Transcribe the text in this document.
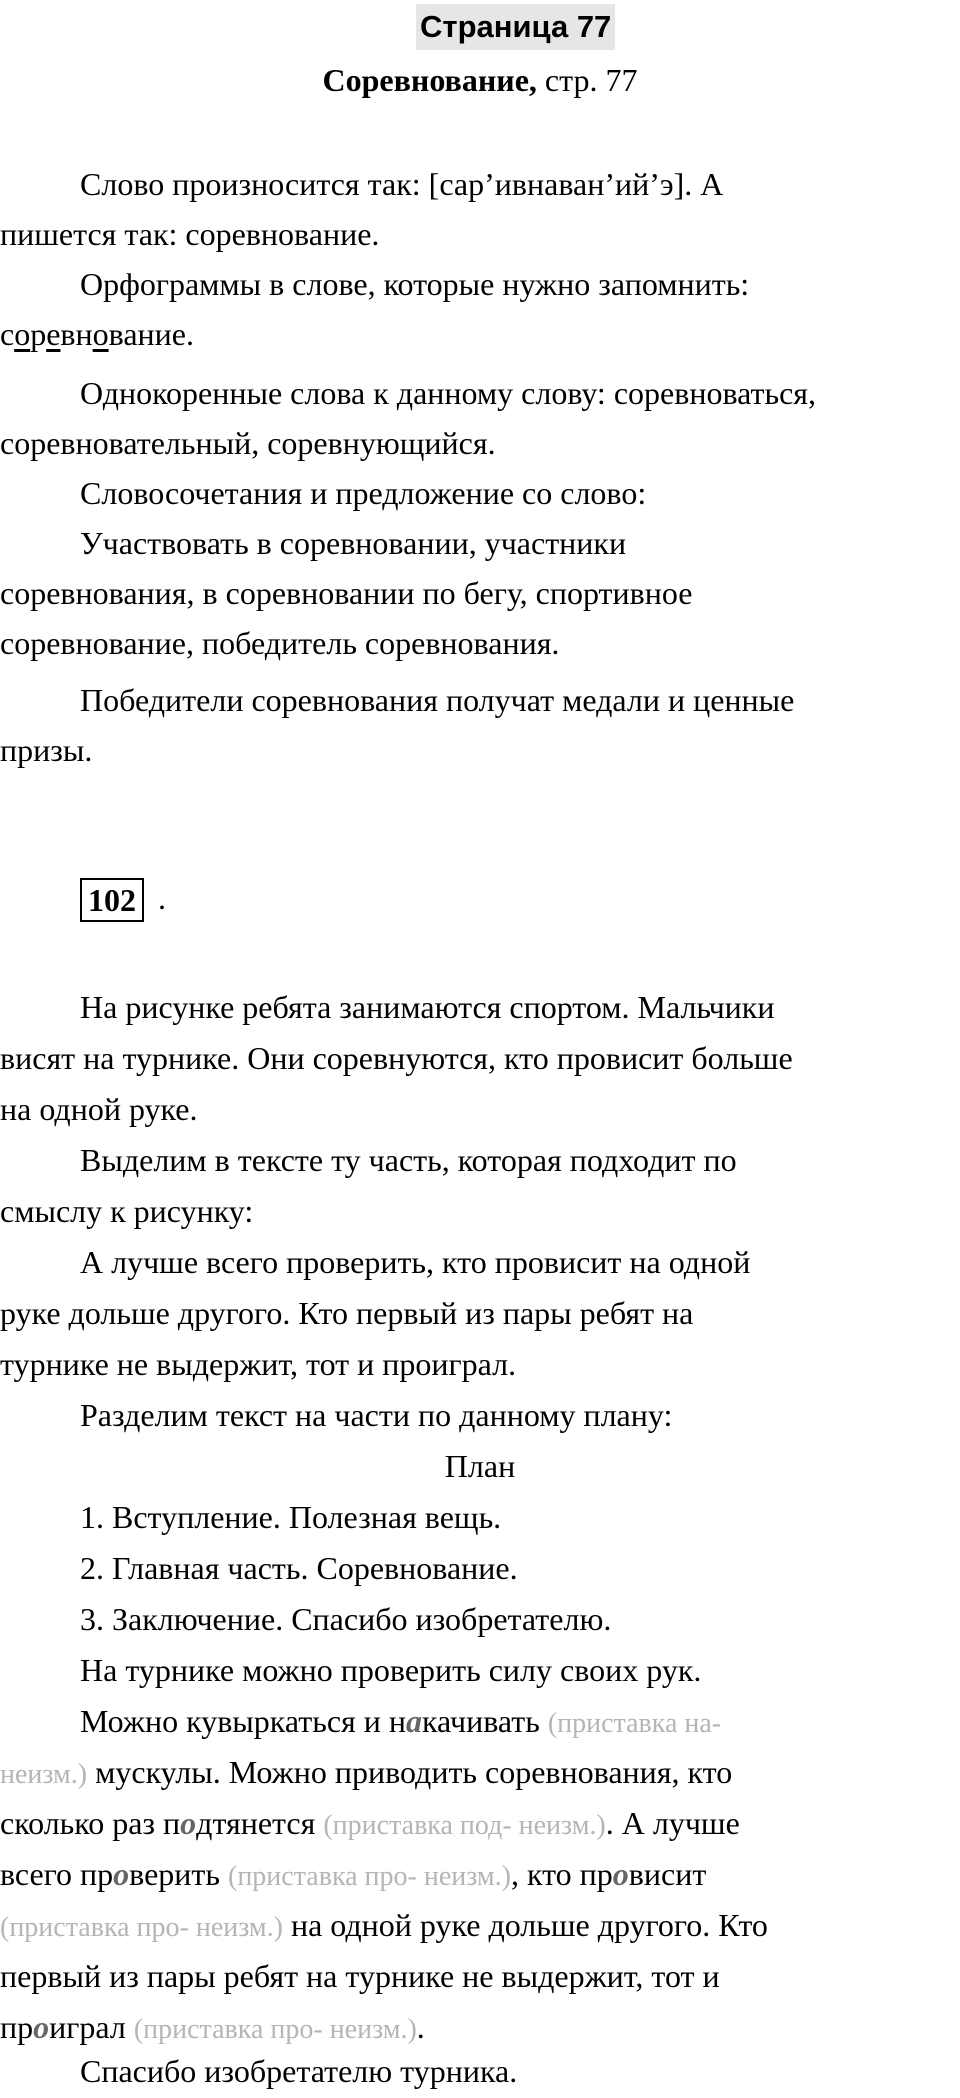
Страница 77
Соревнование, стр. 77
Слово произносится так: [сар’ивнаван’ий’э]. А
пишется так: соревнование.
Орфограммы в слове, которые нужно запомнить:
соревнование.
Однокоренные слова к данному слову: соревноваться,
соревновательный, соревнующийся.
Словосочетания и предложение со слово:
Участвовать в соревновании, участники
соревнования, в соревновании по бегу, спортивное
соревнование, победитель соревнования.
Победители соревнования получат медали и ценные
призы.
102 .
На рисунке ребята занимаются спортом. Мальчики
висят на турнике. Они соревнуются, кто провисит больше
на одной руке.
Выделим в тексте ту часть, которая подходит по
смыслу к рисунку:
А лучше всего проверить, кто провисит на одной
руке дольше другого. Кто первый из пары ребят на
турнике не выдержит, тот и проиграл.
Разделим текст на части по данному плану:
План
1. Вступление. Полезная вещь.
2. Главная часть. Соревнование.
3. Заключение. Спасибо изобретателю.
На турнике можно проверить силу своих рук.
Можно кувыркаться и накачивать (приставка на-
неизм.) мускулы. Можно приводить соревнования, кто
сколько раз подтянется (приставка под- неизм.). А лучше
всего проверить (приставка про- неизм.), кто провисит
(приставка про- неизм.) на одной руке дольше другого. Кто
первый из пары ребят на турнике не выдержит, тот и
проиграл (приставка про- неизм.).
Спасибо изобретателю турника.
